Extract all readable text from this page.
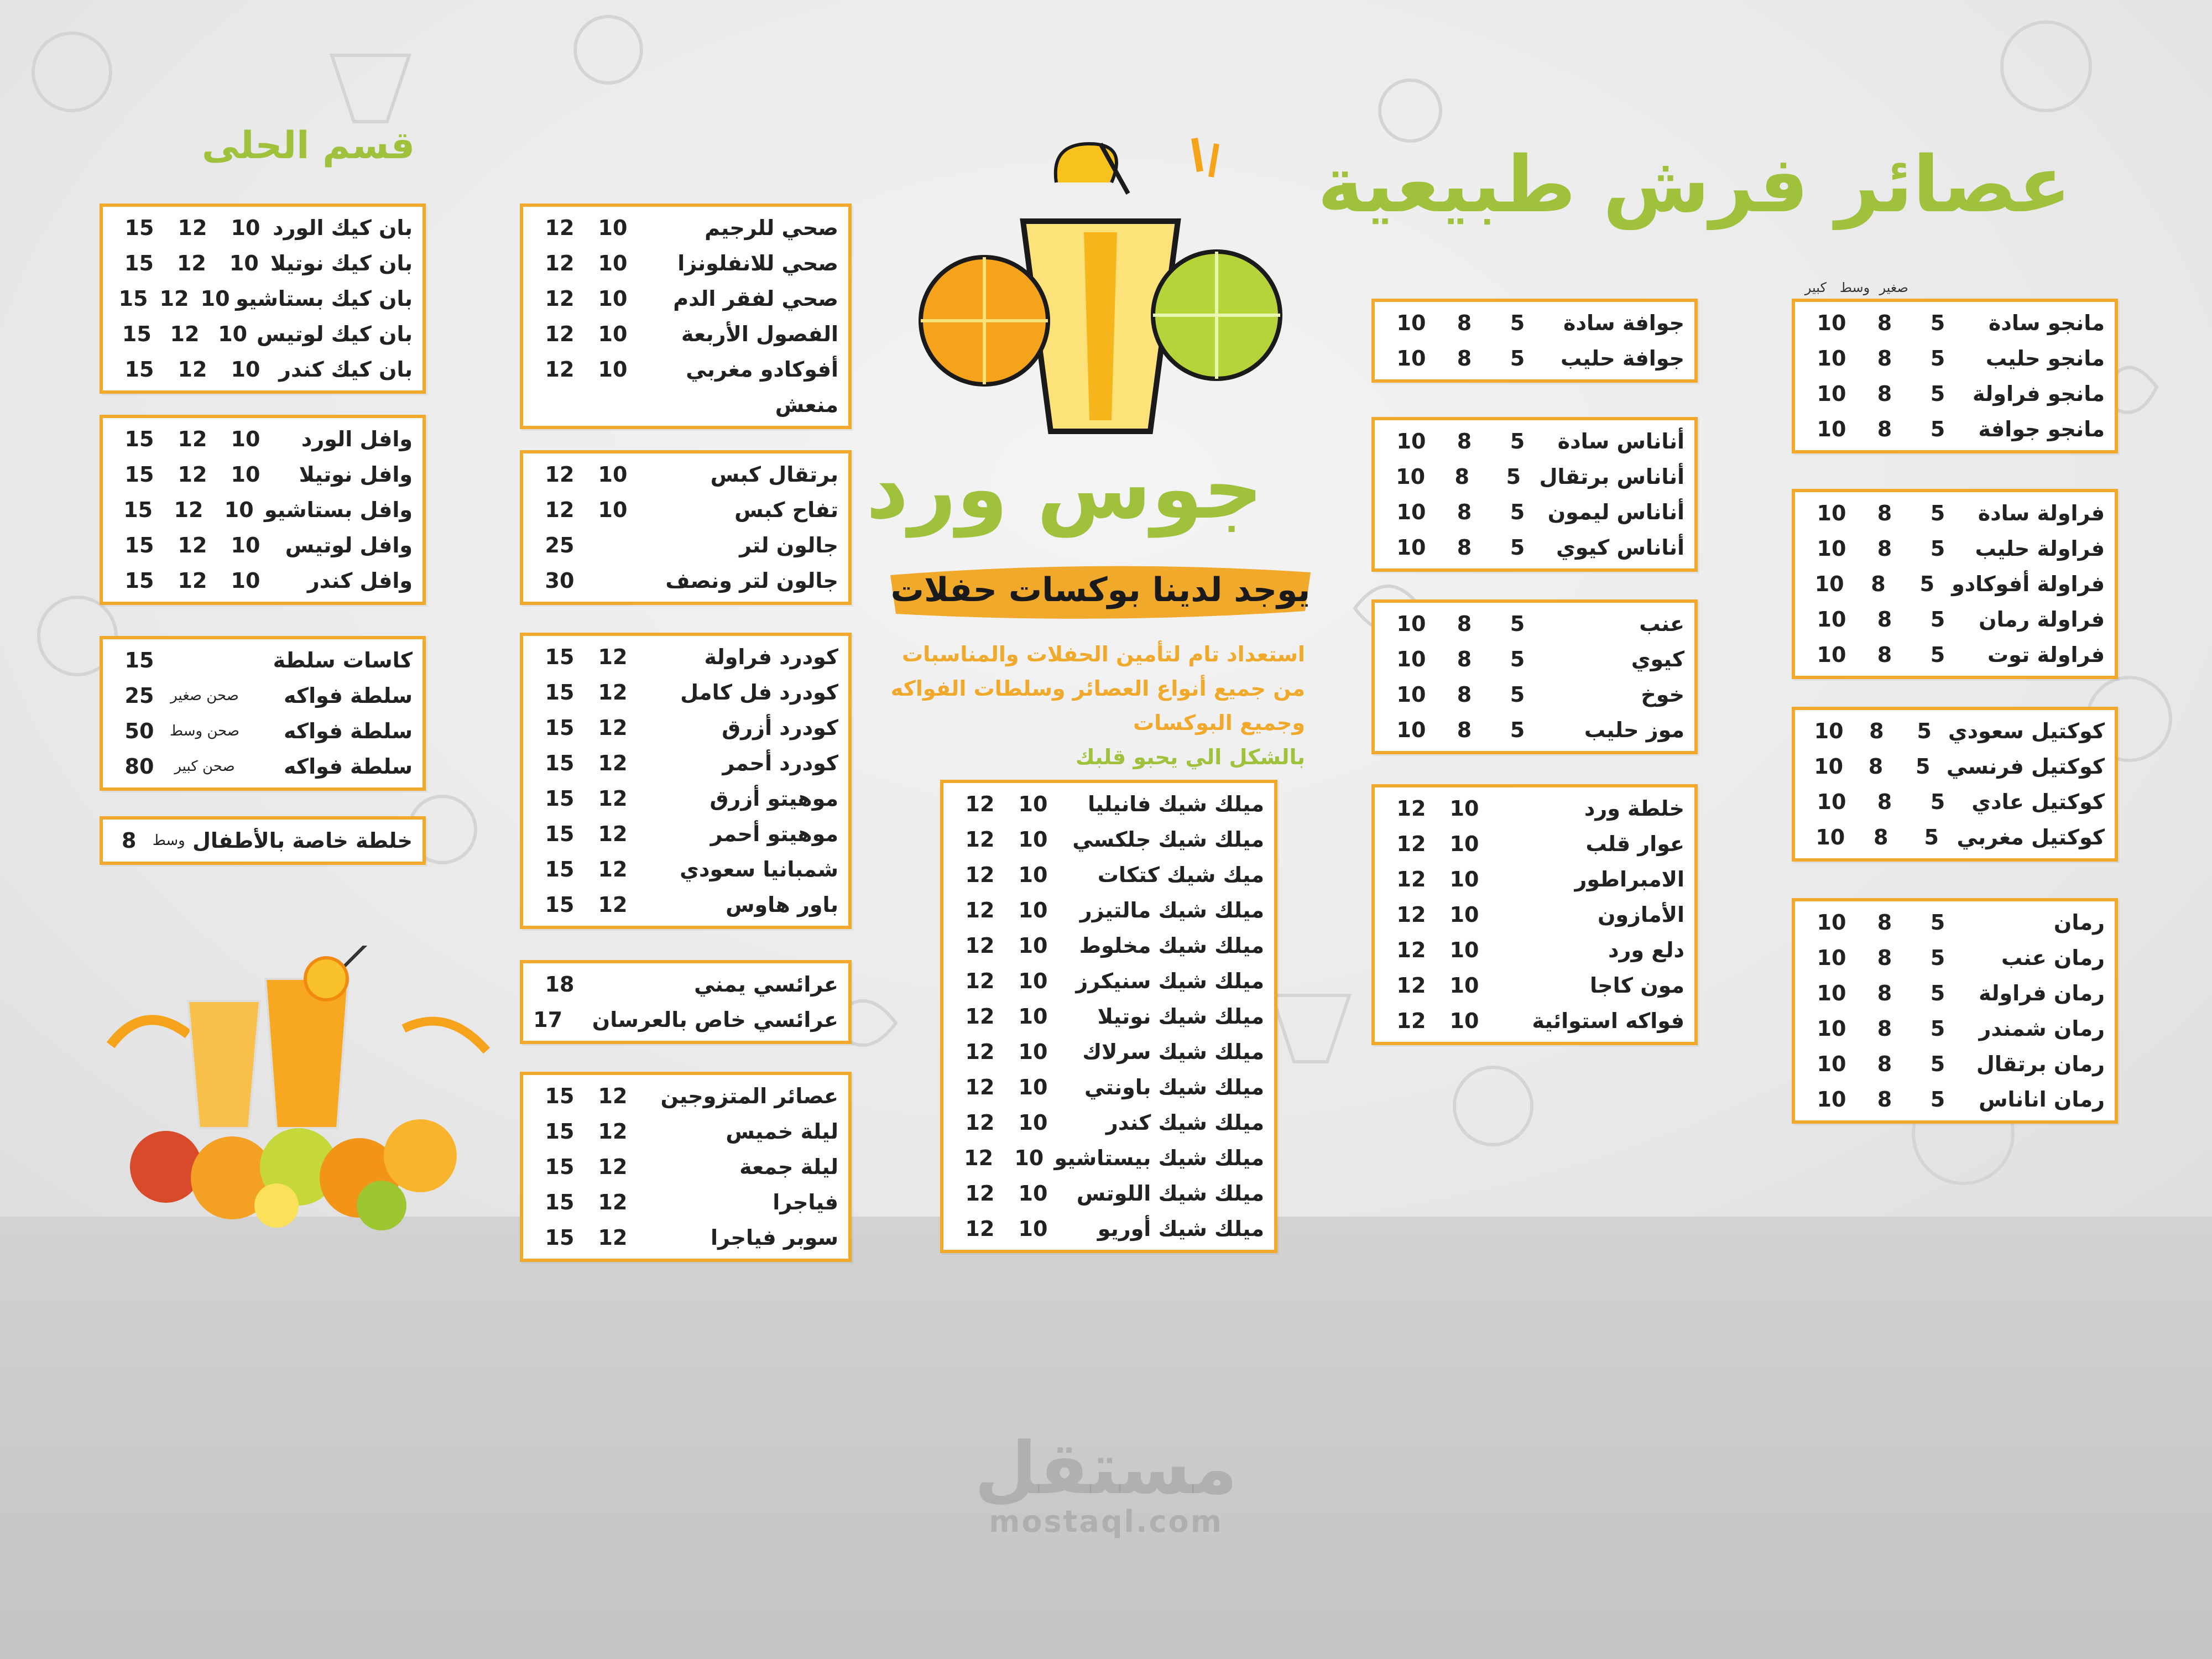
عصائر فرش طبيعية
قسم الحلى
صغير
وسط
كبير
مانجو سادة
5
8
10
مانجو حليب
5
8
10
مانجو فراولة
5
8
10
مانجو جوافة
5
8
10
فراولة سادة
5
8
10
فراولة حليب
5
8
10
فراولة أفوكادو
5
8
10
فراولة رمان
5
8
10
فراولة توت
5
8
10
كوكتيل سعودي
5
8
10
كوكتيل فرنسي
5
8
10
كوكتيل عادي
5
8
10
كوكتيل مغربي
5
8
10
رمان
5
8
10
رمان عنب
5
8
10
رمان فراولة
5
8
10
رمان شمندر
5
8
10
رمان برتقال
5
8
10
رمان اناناس
5
8
10
جوافة سادة
5
8
10
جوافة حليب
5
8
10
أناناس سادة
5
8
10
أناناس برتقال
5
8
10
أناناس ليمون
5
8
10
أناناس كيوي
5
8
10
عنب
5
8
10
كيوي
5
8
10
خوخ
5
8
10
موز حليب
5
8
10
خلطة ورد
10
12
عوار قلب
10
12
الامبراطور
10
12
الأمازون
10
12
دلع ورد
10
12
مون كاجا
10
12
فواكه استوائية
10
12
ميلك شيك فانيليا
10
12
ميلك شيك جلكسي
10
12
ميك شيك كتكات
10
12
ميلك شيك مالتيزر
10
12
ميلك شيك مخلوط
10
12
ميلك شيك سنيكرز
10
12
ميلك شيك نوتيلا
10
12
ميلك شيك سرلاك
10
12
ميلك شيك باونتي
10
12
ميلك شيك كندر
10
12
ميلك شيك بيستاشيو
10
12
ميلك شيك اللوتس
10
12
ميلك شيك أوريو
10
12
صحي للرجيم
10
12
صحي للانفلونزا
10
12
صحي لفقر الدم
10
12
الفصول الأربعة
10
12
أفوكادو مغربي
10
12
منعش
برتقال كبس
10
12
تفاح كبس
10
12
جالون لتر
25
جالون لتر ونصف
30
كودرد فراولة
12
15
كودرد فل كامل
12
15
كودرد أزرق
12
15
كودرد أحمر
12
15
موهيتو أزرق
12
15
موهيتو أحمر
12
15
شمبانيا سعودي
12
15
باور هاوس
12
15
عرائسي يمني
18
عرائسي خاص بالعرسان
17
عصائر المتزوجين
12
15
ليلة خميس
12
15
ليلة جمعة
12
15
فياجرا
12
15
سوبر فياجرا
12
15
بان كيك الورد
10
12
15
بان كيك نوتيلا
10
12
15
بان كيك بستاشيو
10
12
15
بان كيك لوتيس
10
12
15
بان كيك كندر
10
12
15
وافل الورد
10
12
15
وافل نوتيلا
10
12
15
وافل بستاشيو
10
12
15
وافل لوتيس
10
12
15
وافل كندر
10
12
15
كاسات سلطة
15
سلطة فواكه
صحن صغير
25
سلطة فواكه
صحن وسط
50
سلطة فواكه
صحن كبير
80
خلطة خاصة بالأطفال
وسط
8
جوس ورد

يوجد لدينا بوكسات حفلات

استعداد تام لتأمين الحفلات والمناسبات

من جميع أنواع العصائر وسلطات الفواكه

وجميع البوكسات

بالشكل الي يحبو قلبك

مستقل
mostaql.com
